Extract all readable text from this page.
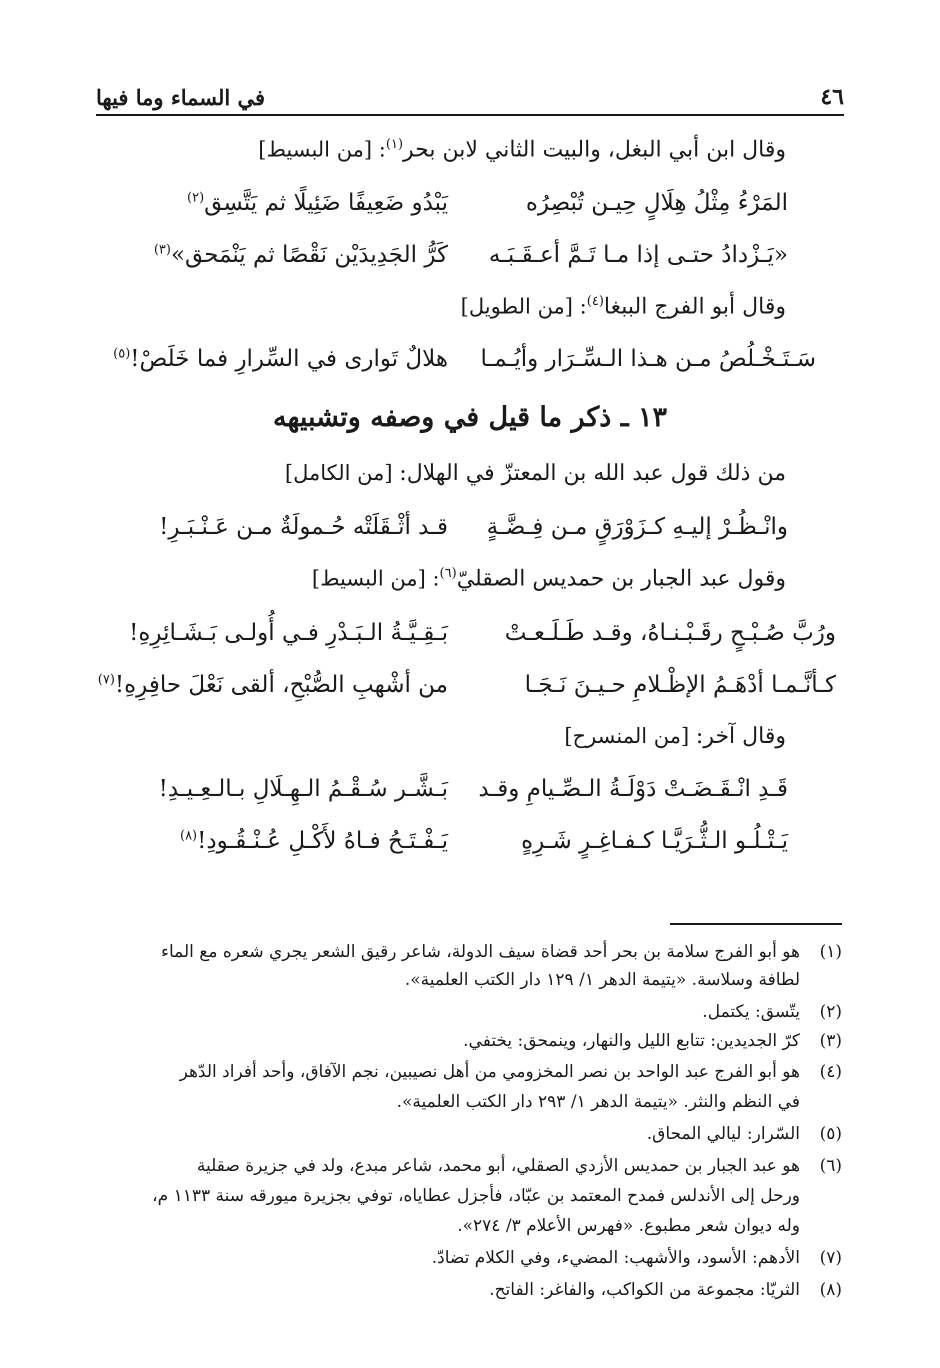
٤٦
في السماء وما فيها
وقال ابن أبي البغل، والبيت الثاني لابن بحر$^{(١)}$: [من البسيط]
المَرْءُ مِثْلُ هِلَالٍ حِيـن تُبْصِرُه
يَبْدُو ضَعِيفًا ضَئِيلًا ثم يَتَّسِق$^{(٢)}$
«يَـزْدادُ حتـى إذا مـا تَـمَّ أعـقَـبَـه
كَرُّ الجَدِيدَيْن نَقْصًا ثم يَنْمَحق»$^{(٣)}$
وقال أبو الفرج الببغا$^{(٤)}$: [من الطويل]
سَـتَـخْـلُصُ مـن هـذا الـسِّـرَار وأيُـمـا
هلالٌ تَوارى في السِّرارِ فما خَلَصْ!$^{(٥)}$
١٣ ـ ذكر ما قيل في وصفه وتشبيهه
من ذلك قول عبد الله بن المعتزّ في الهلال: [من الكامل]
وانْـظُـرْ إليـهِ كـزَوْرَقٍ مـن فِـضَّـةٍ
قـد أثْـقَلَتْه حُـمولَةٌ مـن عَـنْـبَـرِ!
وقول عبد الجبار بن حمديس الصقليّ$^{(٦)}$: [من البسيط]
ورُبَّ صُـبْـحٍ رقَـبْـنـاهُ، وقـد طَـلَـعـتْ
بَـقِـيَّـةُ الـبَـدْرِ فـي أُولـى بَـشَـائِرِهِ!
كـأنَّـمـا أدْهَـمُ الإظْـلامِ حـيـنَ نَـجَـا
من أشْهبِ الصُّبْحِ، ألقى نَعْلَ حافِرِهِ!$^{(٧)}$
وقال آخر: [من المنسرح]
قَـدِ انْـقَـضَـتْ دَوْلَـةُ الـصِّـيامِ وقـد
بَـشَّـر سُـقْـمُ الـهِـلَالِ بـالـعِـيـدِ!
يَـتْـلُـو الـثُّـرَيَّـا كـفـاغِـرٍ شَـرِهٍ
يَـفْـتَـحُ فـاهُ لأَكْـلِ عُـنْـقُـودِ!$^{(٨)}$
(١)
هو أبو الفرج سلامة بن بحر أحد قضاة سيف الدولة، شاعر رقيق الشعر يجري شعره مع الماء
لطافة وسلاسة. «يتيمة الدهر ١/ ١٢٩ دار الكتب العلمية».
(٢)
يتّسق: يكتمل.
(٣)
كرّ الجديدين: تتابع الليل والنهار، وينمحق: يختفي.
(٤)
هو أبو الفرج عبد الواحد بن نصر المخزومي من أهل نصيبين، نجم الآفاق، وأحد أفراد الدّهر
في النظم والنثر. «يتيمة الدهر ١/ ٢٩٣ دار الكتب العلمية».
(٥)
السّرار: ليالي المحاق.
(٦)
هو عبد الجبار بن حمديس الأزدي الصقلي، أبو محمد، شاعر مبدع، ولد في جزيرة صقلية
ورحل إلى الأندلس فمدح المعتمد بن عبّاد، فأجزل عطاياه، توفي بجزيرة ميورقه سنة ١١٣٣ م،
وله ديوان شعر مطبوع. «فهرس الأعلام ٣/ ٢٧٤».
(٧)
الأدهم: الأسود، والأشهب: المضيء، وفي الكلام تضادّ.
(٨)
الثريّا: مجموعة من الكواكب، والفاغر: الفاتح.
